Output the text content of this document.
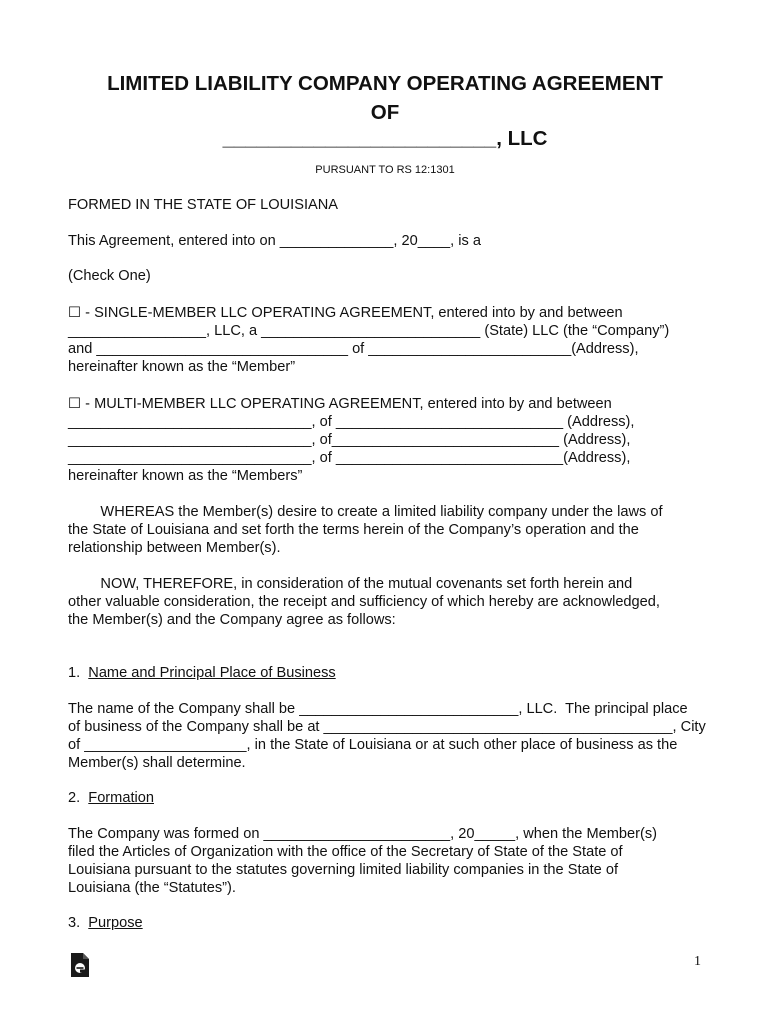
LIMITED LIABILITY COMPANY OPERATING AGREEMENT
OF
________________________, LLC
PURSUANT TO RS 12:1301
FORMED IN THE STATE OF LOUISIANA
This Agreement, entered into on ______________, 20____, is a
(Check One)
☐ - SINGLE-MEMBER LLC OPERATING AGREEMENT, entered into by and between
_________________, LLC, a ___________________________ (State) LLC (the “Company”)
and _______________________________ of _________________________(Address),
hereinafter known as the “Member”
☐ - MULTI-MEMBER LLC OPERATING AGREEMENT, entered into by and between
______________________________, of ____________________________ (Address),
______________________________, of____________________________ (Address),
______________________________, of ____________________________(Address),
hereinafter known as the “Members”
WHEREAS the Member(s) desire to create a limited liability company under the laws of
the State of Louisiana and set forth the terms herein of the Company’s operation and the
relationship between Member(s).
NOW, THEREFORE, in consideration of the mutual covenants set forth herein and
other valuable consideration, the receipt and sufficiency of which hereby are acknowledged,
the Member(s) and the Company agree as follows:
1. Name and Principal Place of Business
The name of the Company shall be ___________________________, LLC.  The principal place
of business of the Company shall be at ___________________________________________, City
of ____________________, in the State of Louisiana or at such other place of business as the
Member(s) shall determine.
2. Formation
The Company was formed on _______________________, 20_____, when the Member(s)
filed the Articles of Organization with the office of the Secretary of State of the State of
Louisiana pursuant to the statutes governing limited liability companies in the State of
Louisiana (the “Statutes”).
3. Purpose
1
